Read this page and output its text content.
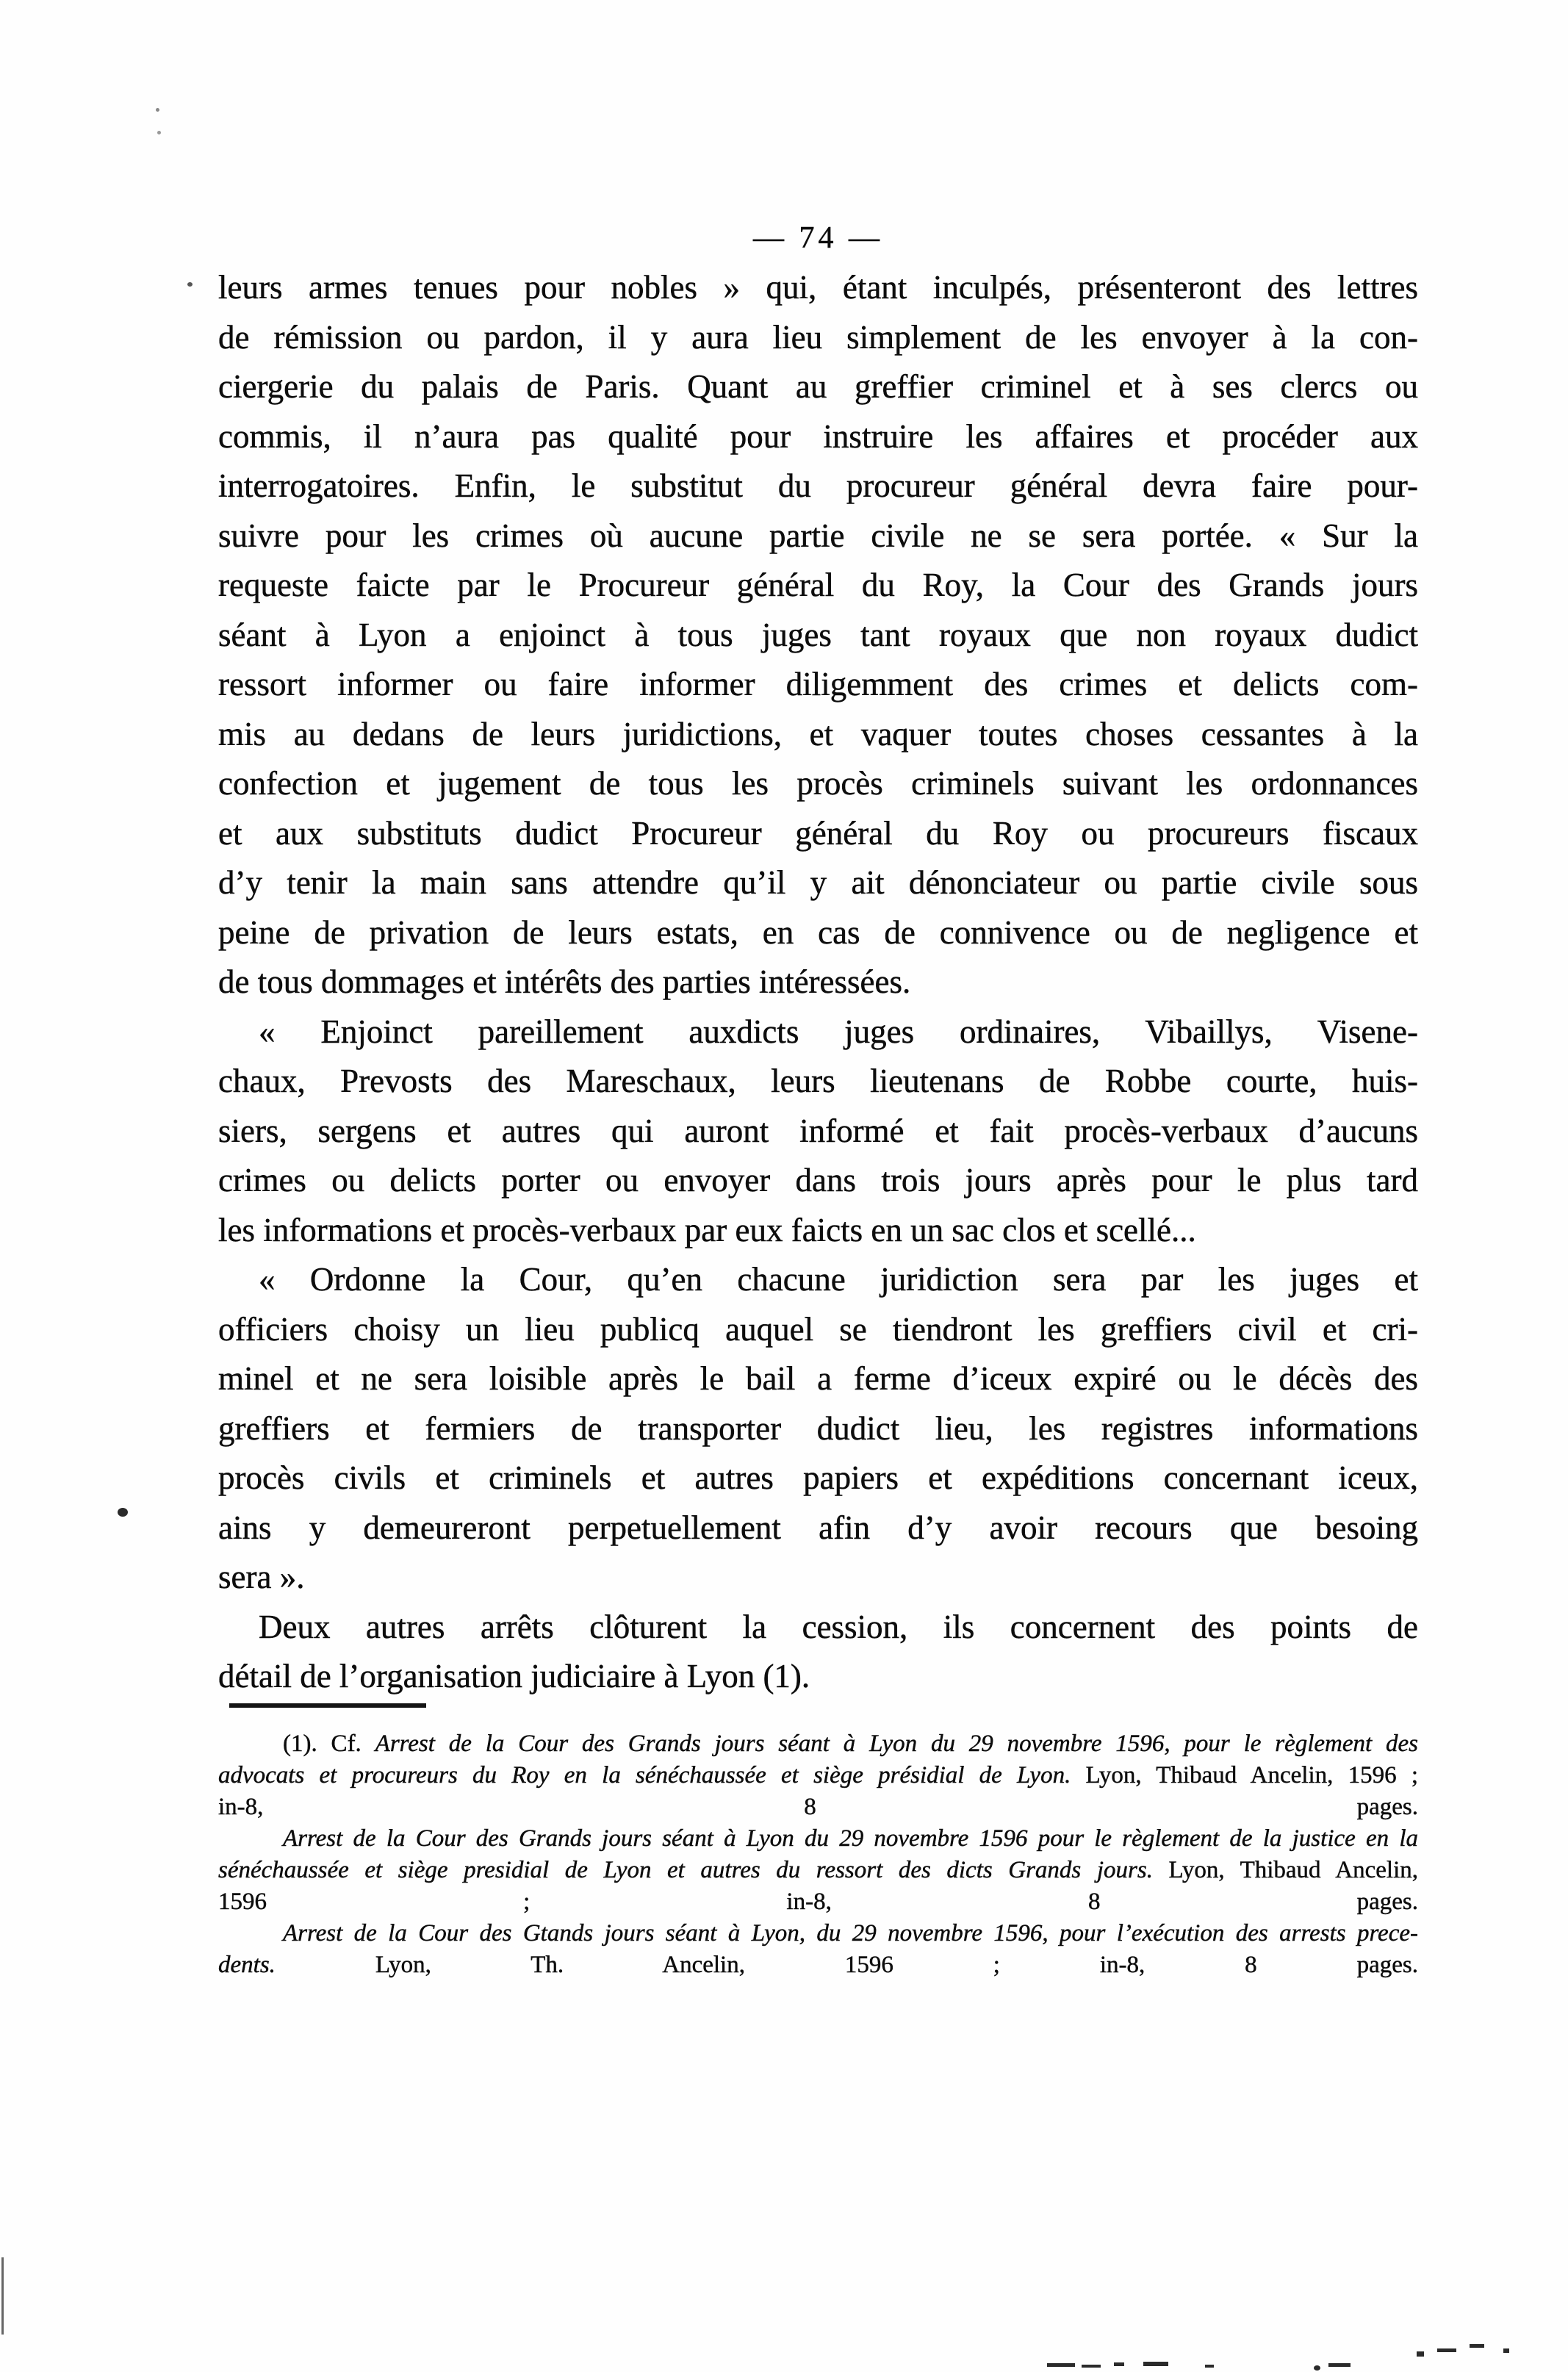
— 74 —
leurs armes tenues pour nobles » qui, étant inculpés, présenteront des lettres
de rémission ou pardon, il y aura lieu simplement de les envoyer à la con-
ciergerie du palais de Paris. Quant au greffier criminel et à ses clercs ou
commis, il n’aura pas qualité pour instruire les affaires et procéder aux
interrogatoires. Enfin, le substitut du procureur général devra faire pour-
suivre pour les crimes où aucune partie civile ne se sera portée. « Sur la
requeste faicte par le Procureur général du Roy, la Cour des Grands jours
séant à Lyon a enjoinct à tous juges tant royaux que non royaux dudict
ressort informer ou faire informer diligemment des crimes et delicts com-
mis au dedans de leurs juridictions, et vaquer toutes choses cessantes à la
confection et jugement de tous les procès criminels suivant les ordonnances
et aux substituts dudict Procureur général du Roy ou procureurs fiscaux
d’y tenir la main sans attendre qu’il y ait dénonciateur ou partie civile sous
peine de privation de leurs estats, en cas de connivence ou de negligence et
de tous dommages et intérêts des parties intéressées.
« Enjoinct pareillement auxdicts juges ordinaires, Vibaillys, Visene-
chaux, Prevosts des Mareschaux, leurs lieutenans de Robbe courte, huis-
siers, sergens et autres qui auront informé et fait procès-verbaux d’aucuns
crimes ou delicts porter ou envoyer dans trois jours après pour le plus tard
les informations et procès-verbaux par eux faicts en un sac clos et scellé...
« Ordonne la Cour, qu’en chacune juridiction sera par les juges et
officiers choisy un lieu publicq auquel se tiendront les greffiers civil et cri-
minel et ne sera loisible après le bail a ferme d’iceux expiré ou le décès des
greffiers et fermiers de transporter dudict lieu, les registres informations
procès civils et criminels et autres papiers et expéditions concernant iceux,
ains y demeureront perpetuellement afin d’y avoir recours que besoing
sera ».
Deux autres arrêts clôturent la cession, ils concernent des points de
détail de l’organisation judiciaire à Lyon (1).
(1). Cf. Arrest de la Cour des Grands jours séant à Lyon du 29 novembre 1596, pour le règlement des
advocats et procureurs du Roy en la sénéchaussée et siège présidial de Lyon. Lyon, Thibaud Ancelin, 1596 ;
in-8, 8 pages.
Arrest de la Cour des Grands jours séant à Lyon du 29 novembre 1596 pour le règlement de la justice en la
sénéchaussée et siège presidial de Lyon et autres du ressort des dicts Grands jours. Lyon, Thibaud Ancelin,
1596 ; in-8, 8 pages.
Arrest de la Cour des Gtands jours séant à Lyon, du 29 novembre 1596, pour l’exécution des arrests prece-
dents. Lyon, Th. Ancelin, 1596 ; in-8, 8 pages.
